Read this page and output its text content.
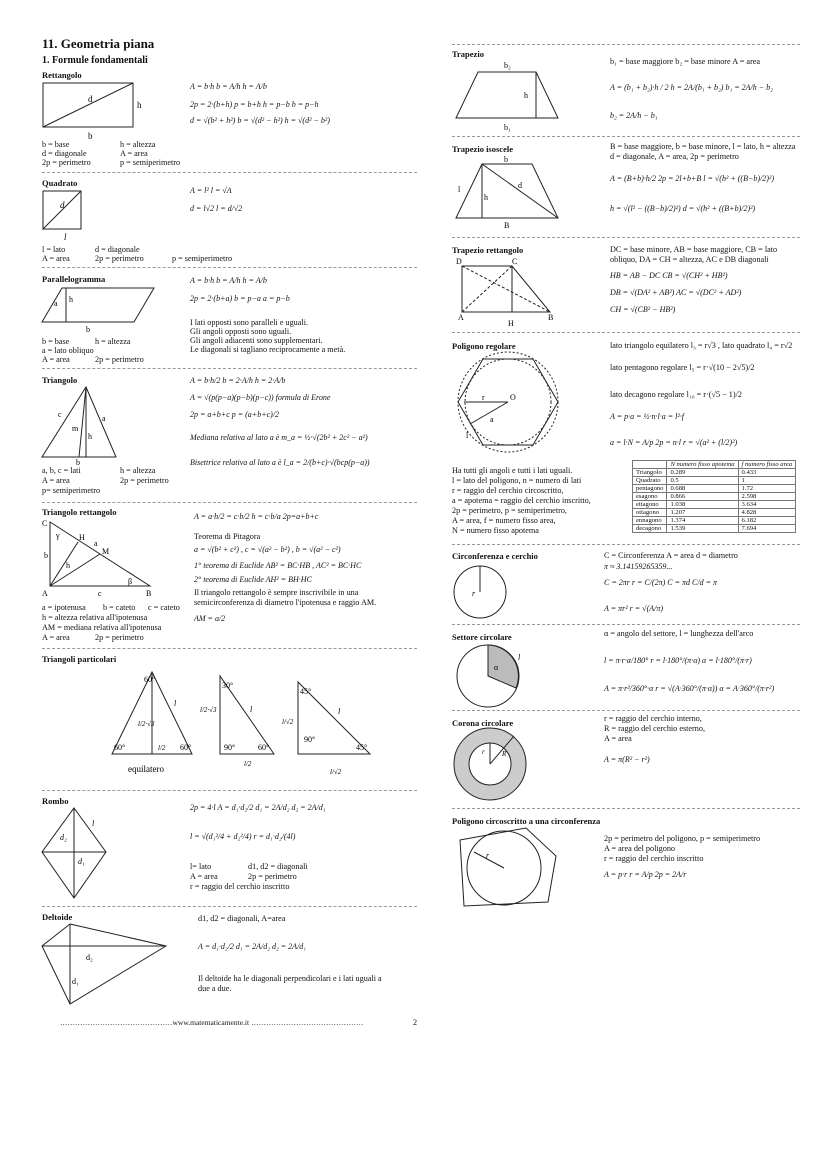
11. Geometria piana
1. Formule fondamentali
Rettangolo
d
h
b
A = b·h b = A/h h = A/b
2p = 2·(b+h) p = b+h h = p−b b = p−h
d = √(b² + h²) b = √(d² − h²) h = √(d² − b²)
b = base	h = altezza
d = diagonale	A = area
2p = perimetro	p = semiperimetro
Quadrato
d
l
A = l² l = √A
d = l√2 l = d/√2
l = lato	d = diagonale
A = area	2p = perimetro	p = semiperimetro
Parallelogramma
a h
b
A = b·h b = A/h h = A/b
2p = 2·(b+a) b = p−a a = p−b
I lati opposti sono paralleli e uguali.
Gli angoli opposti sono uguali.
Gli angoli adiacenti sono supplementari.
Le diagonali si tagliano reciprocamente a metà.
b = base	h = altezza
a = lato obliquo
A = area	2p = perimetro
Triangolo
c	a
m
h
b
A = b·h/2 b = 2·A/h h = 2·A/b
A = √(p(p−a)(p−b)(p−c)) formula di Erone
2p = a+b+c p = (a+b+c)/2
Mediana relativa al lato a è m_a = ½·√(2b² + 2c² − a²)
Bisettrice relativa al lato a è l_a = 2/(b+c)·√(bcp(p−a))
a, b, c = lati	h = altezza
A = area	2p = perimetro
p= semiperimetro
Triangolo rettangolo
C
H
M
a
b
h
γ
β
A	B
c
A = a·h/2 = c·b/2 h = c·b/a 2p=a+b+c
Teorema di Pitagora
a = √(b² + c²) , c = √(a² − b²) , b = √(a² − c²)
1° teorema di Euclide AB² = BC·HB , AC² = BC·HC
2° teorema di Euclide AH² = BH·HC
Il triangolo rettangolo è sempre inscrivibile in una
semicirconferenza di diametro l'ipotenusa e raggio AM.
AM = a/2
a = ipotenusa b = cateto c = cateto
h = altezza relativa all'ipotenusa
AM = mediana relativa all'ipotenusa
A = area	2p = perimetro
Triangoli particolari
60°
60°	60°
l
l/2·√3
l/2
equilatero
30°
90°	60°
l
l/2·√3
l/2
45°
90°
45°
l
l/√2
l/√2
Rombo
l
d₂
d₁
2p = 4·l A = d₁·d₂/2 d₁ = 2A/d₂ d₂ = 2A/d₁
l = √(d₁²/4 + d₂²/4) r = d₁·d₂/(4l)
l= lato	d1, d2 = diagonali
A = area	2p = perimetro
r = raggio del cerchio inscritto
Deltoide
d₂
d₁
d1, d2 = diagonali, A=area
A = d₁·d₂/2 d₁ = 2A/d₂ d₂ = 2A/d₁
Il deltoide ha le diagonali perpendicolari e i lati uguali a
due a due.
………………………………………www.matematicamente.it ………………………………………	2
Trapezio
b₂
h
b₁
b₁ = base maggiore b₂ = base minore A = area
A = (b₁ + b₂)·h / 2 h = 2A/(b₁ + b₂) b₁ = 2A/h − b₂
b₂ = 2A/h − b₁
Trapezio isoscele
b
l
h
d
B
B = base maggiore, b = base minore, l = lato, h = altezza
d = diagonale, A = area, 2p = perimetro
A = (B+b)·h/2 2p = 2l+b+B l = √(h² + ((B−b)/2)²)
h = √(l² − ((B−b)/2)²) d = √(h² + ((B+b)/2)²)
Trapezio rettangolo
D	C
A
H
B
DC = base minore, AB = base maggiore, CB = lato
obliquo, DA = CH = altezza, AC e DB diagonali
HB = AB − DC CB = √(CH² + HB²)
DB = √(DA² + AB²) AC = √(DC² + AD²)
CH = √(CB² − HB²)
Poligono regolare
O
r
a
l
lato triangolo equilatero l₃ = r√3 , lato quadrato l₄ = r√2
lato pentagono regolare l₅ = r·√(10 − 2√5)/2
lato decagono regolare l₁₀ = r·(√5 − 1)/2
A = p·a = ½·n·l·a = l²·f
a = l·N = A/p 2p = n·l r = √(a² + (l/2)²)
Ha tutti gli angoli e tutti i lati uguali.
l = lato del poligono, n = numero di lati
r = raggio del cerchio circoscritto,
a = apotema = raggio del cerchio inscritto,
2p = perimetro, p = semiperimetro,
A = area, f = numero fisso area,
N = numero fisso apotema
	N numero fisso apotema	f numero fisso area
Triangolo	0.289	0.433
Quadrato	0.5	1
pentagono	0.688	1.72
esagono	0.866	2.598
ettagono	1.038	3.634
ottagono	1.207	4.828
ennagono	1.374	6.182
decagono	1.539	7.694
Circonferenza e cerchio
r
C = Circonferenza A = area d = diametro
π ≈ 3.14159265359...
C = 2πr r = C/(2π) C = πd C/d = π
A = πr² r = √(A/π)
Settore circolare
α
l
α = angolo del settore, l = lunghezza dell'arco
l = π·r·α/180° r = l·180°/(π·α) α = l·180°/(π·r)
A = π·r²/360°·α r = √(A·360°/(π·α)) α = A·360°/(π·r²)
Corona circolare
r R
r = raggio del cerchio interno,
R = raggio del cerchio esterno,
A = area
A = π(R² − r²)
Poligono circoscritto a una circonferenza
r
2p = perimetro del poligono, p = semiperimetro
A = area del poligono
r = raggio del cerchio inscritto
A = p·r r = A/p 2p = 2A/r
